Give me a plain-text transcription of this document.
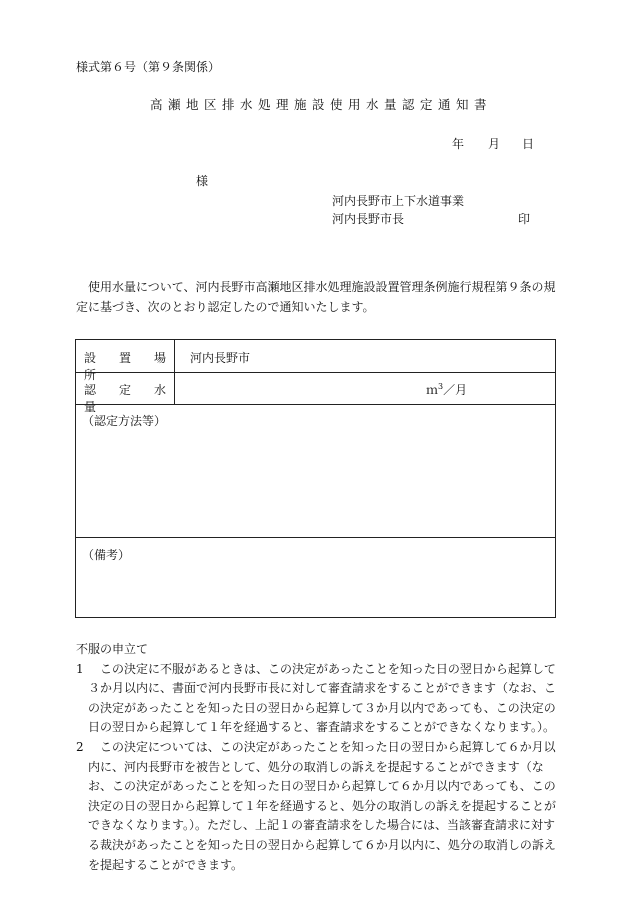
様式第６号（第９条関係）
高瀬地区排水処理施設使用水量認定通知書
年 月 日
様
河内長野市上下水道事業
河内長野市長	印

使用水量について、河内長野市高瀬地区排水処理施設設置管理条例施行規程第９条の規定に基づき、次のとおり認定したので通知いたします。

設　置　場　所
河内長野市
認　定　水　量
ｍ$^3$／月
（認定方法等）
（備考）

不服の申立て

1 この決定に不服があるときは、この決定があったことを知った日の翌日から起算して３か月以内に、書面で河内長野市長に対して審査請求をすることができます（なお、この決定があったことを知った日の翌日から起算して３か月以内であっても、この決定の日の翌日から起算して１年を経過すると、審査請求をすることができなくなります。）。

2 この決定については、この決定があったことを知った日の翌日から起算して６か月以内に、河内長野市を被告として、処分の取消しの訴えを提起することができます（なお、この決定があったことを知った日の翌日から起算して６か月以内であっても、この決定の日の翌日から起算して１年を経過すると、処分の取消しの訴えを提起することができなくなります。）。ただし、上記１の審査請求をした場合には、当該審査請求に対する裁決があったことを知った日の翌日から起算して６か月以内に、処分の取消しの訴えを提起することができます。
